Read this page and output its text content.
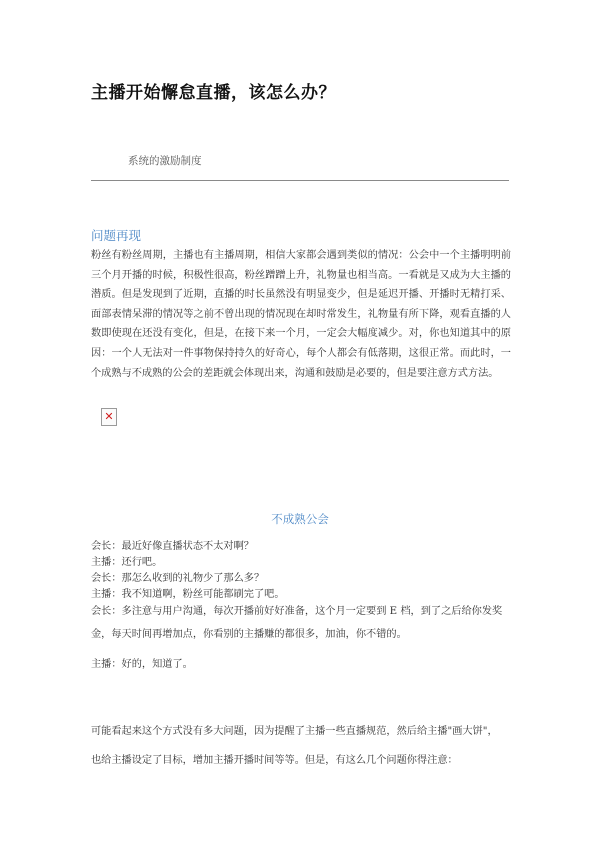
主播开始懈怠直播，该怎么办？
系统的激励制度
问题再现
粉丝有粉丝周期，主播也有主播周期，相信大家都会遇到类似的情况：公会中一个主播明明前三个月开播的时候，积极性很高，粉丝蹭蹭上升，礼物量也相当高。一看就是又成为大主播的潜质。但是发现到了近期，直播的时长虽然没有明显变少，但是延迟开播、开播时无精打采、面部表情呆滞的情况等之前不曾出现的情况现在却时常发生，礼物量有所下降，观看直播的人数即使现在还没有变化，但是，在接下来一个月，一定会大幅度减少。对，你也知道其中的原因：一个人无法对一件事物保持持久的好奇心，每个人都会有低落期，这很正常。而此时，一个成熟与不成熟的公会的差距就会体现出来，沟通和鼓励是必要的，但是要注意方式方法。
✕
不成熟公会
会长：最近好像直播状态不太对啊？
主播：还行吧。
会长：那怎么收到的礼物少了那么多？
主播：我不知道啊，粉丝可能都刷完了吧。
会长：多注意与用户沟通，每次开播前好好准备，这个月一定要到 E 档，到了之后给你发奖金，每天时间再增加点，你看别的主播赚的都很多，加油，你不错的。
主播：好的，知道了。
可能看起来这个方式没有多大问题，因为提醒了主播一些直播规范，然后给主播"画大饼"，
也给主播设定了目标，增加主播开播时间等等。但是，有这么几个问题你得注意：
